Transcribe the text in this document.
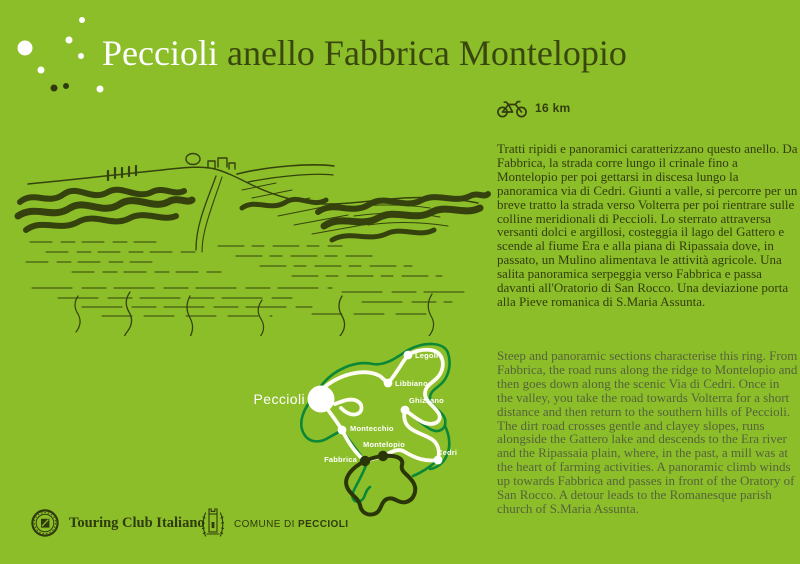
Peccioli anello Fabbrica Montelopio
16 km

Tratti ripidi e panoramici caratterizzano questo anello. Da Fabbrica, la strada corre lungo il crinale fino a Montelopio per poi gettarsi in discesa lungo la panoramica via di Cedri. Giunti a valle, si percorre per un breve tratto la strada verso Volterra per poi rientrare sulle colline meridionali di Peccioli. Lo sterrato attraversa versanti dolci e argillosi, costeggia il lago del Gattero e scende al fiume Era e alla piana di Ripassaia dove, in passato, un Mulino alimentava le attività agricole. Una salita panoramica serpeggia verso Fabbrica e passa davanti all'Oratorio di San Rocco. Una deviazione porta alla Pieve romanica di S.Maria Assunta.

Steep and panoramic sections characterise this ring. From Fabbrica, the road runs along the ridge to Montelopio and then goes down along the scenic Via di Cedri. Once in the valley, you take the road towards Volterra for a short distance and then return to the southern hills of Peccioli. The dirt road crosses gentle and clayey slopes, runs alongside the Gattero lake and descends to the Era river and the Ripassaia plain, where, in the past, a mill was at the heart of farming activities. A panoramic climb winds up towards Fabbrica and passes in front of the Oratory of San Rocco. A detour leads to the Romanesque parish church of S.Maria Assunta.

Peccioli
Legoli
Libbiano
Ghizzano
Montecchio
Montelopio
Fabbrica
Cedri
Touring Club Italiano	COMUNE DI PECCIOLI
